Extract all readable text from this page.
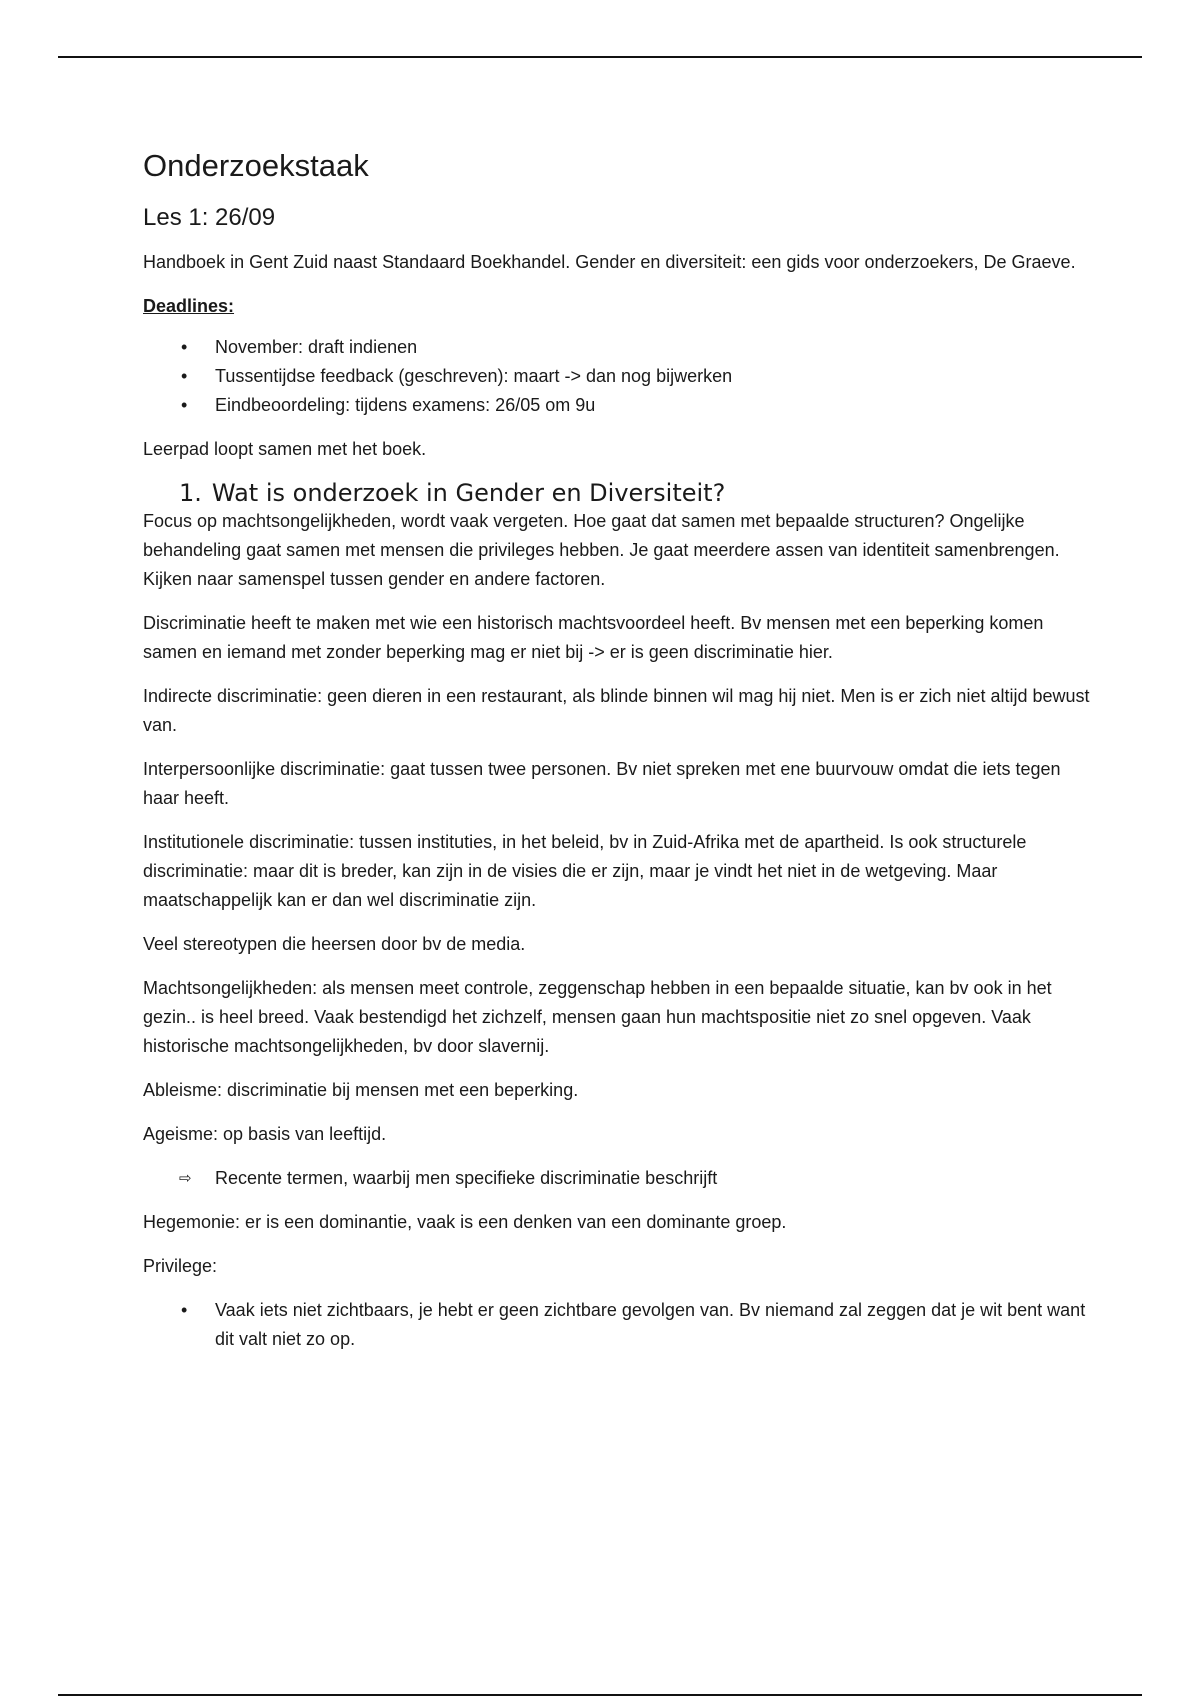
Onderzoekstaak
Les 1: 26/09

Handboek in Gent Zuid naast Standaard Boekhandel. Gender en diversiteit: een gids voor onderzoekers, De Graeve.

Deadlines:

• November: draft indienen
• Tussentijdse feedback (geschreven): maart -> dan nog bijwerken
• Eindbeoordeling: tijdens examens: 26/05 om 9u

Leerpad loopt samen met het boek.

1. Wat is onderzoek in Gender en Diversiteit?

Focus op machtsongelijkheden, wordt vaak vergeten. Hoe gaat dat samen met bepaalde structuren? Ongelijke behandeling gaat samen met mensen die privileges hebben. Je gaat meerdere assen van identiteit samenbrengen. Kijken naar samenspel tussen gender en andere factoren.

Discriminatie heeft te maken met wie een historisch machtsvoordeel heeft. Bv mensen met een beperking komen samen en iemand met zonder beperking mag er niet bij -> er is geen discriminatie hier.

Indirecte discriminatie: geen dieren in een restaurant, als blinde binnen wil mag hij niet. Men is er zich niet altijd bewust van.

Interpersoonlijke discriminatie: gaat tussen twee personen. Bv niet spreken met ene buurvouw omdat die iets tegen haar heeft.

Institutionele discriminatie: tussen instituties, in het beleid, bv in Zuid-Afrika met de apartheid. Is ook structurele discriminatie: maar dit is breder, kan zijn in de visies die er zijn, maar je vindt het niet in de wetgeving. Maar maatschappelijk kan er dan wel discriminatie zijn.

Veel stereotypen die heersen door bv de media.

Machtsongelijkheden: als mensen meet controle, zeggenschap hebben in een bepaalde situatie, kan bv ook in het gezin.. is heel breed. Vaak bestendigd het zichzelf, mensen gaan hun machtspositie niet zo snel opgeven. Vaak historische machtsongelijkheden, bv door slavernij.

Ableisme: discriminatie bij mensen met een beperking.

Ageisme: op basis van leeftijd.

⇨ Recente termen, waarbij men specifieke discriminatie beschrijft

Hegemonie: er is een dominantie, vaak is een denken van een dominante groep.

Privilege:

• Vaak iets niet zichtbaars, je hebt er geen zichtbare gevolgen van. Bv niemand zal zeggen dat je wit bent want dit valt niet zo op.
